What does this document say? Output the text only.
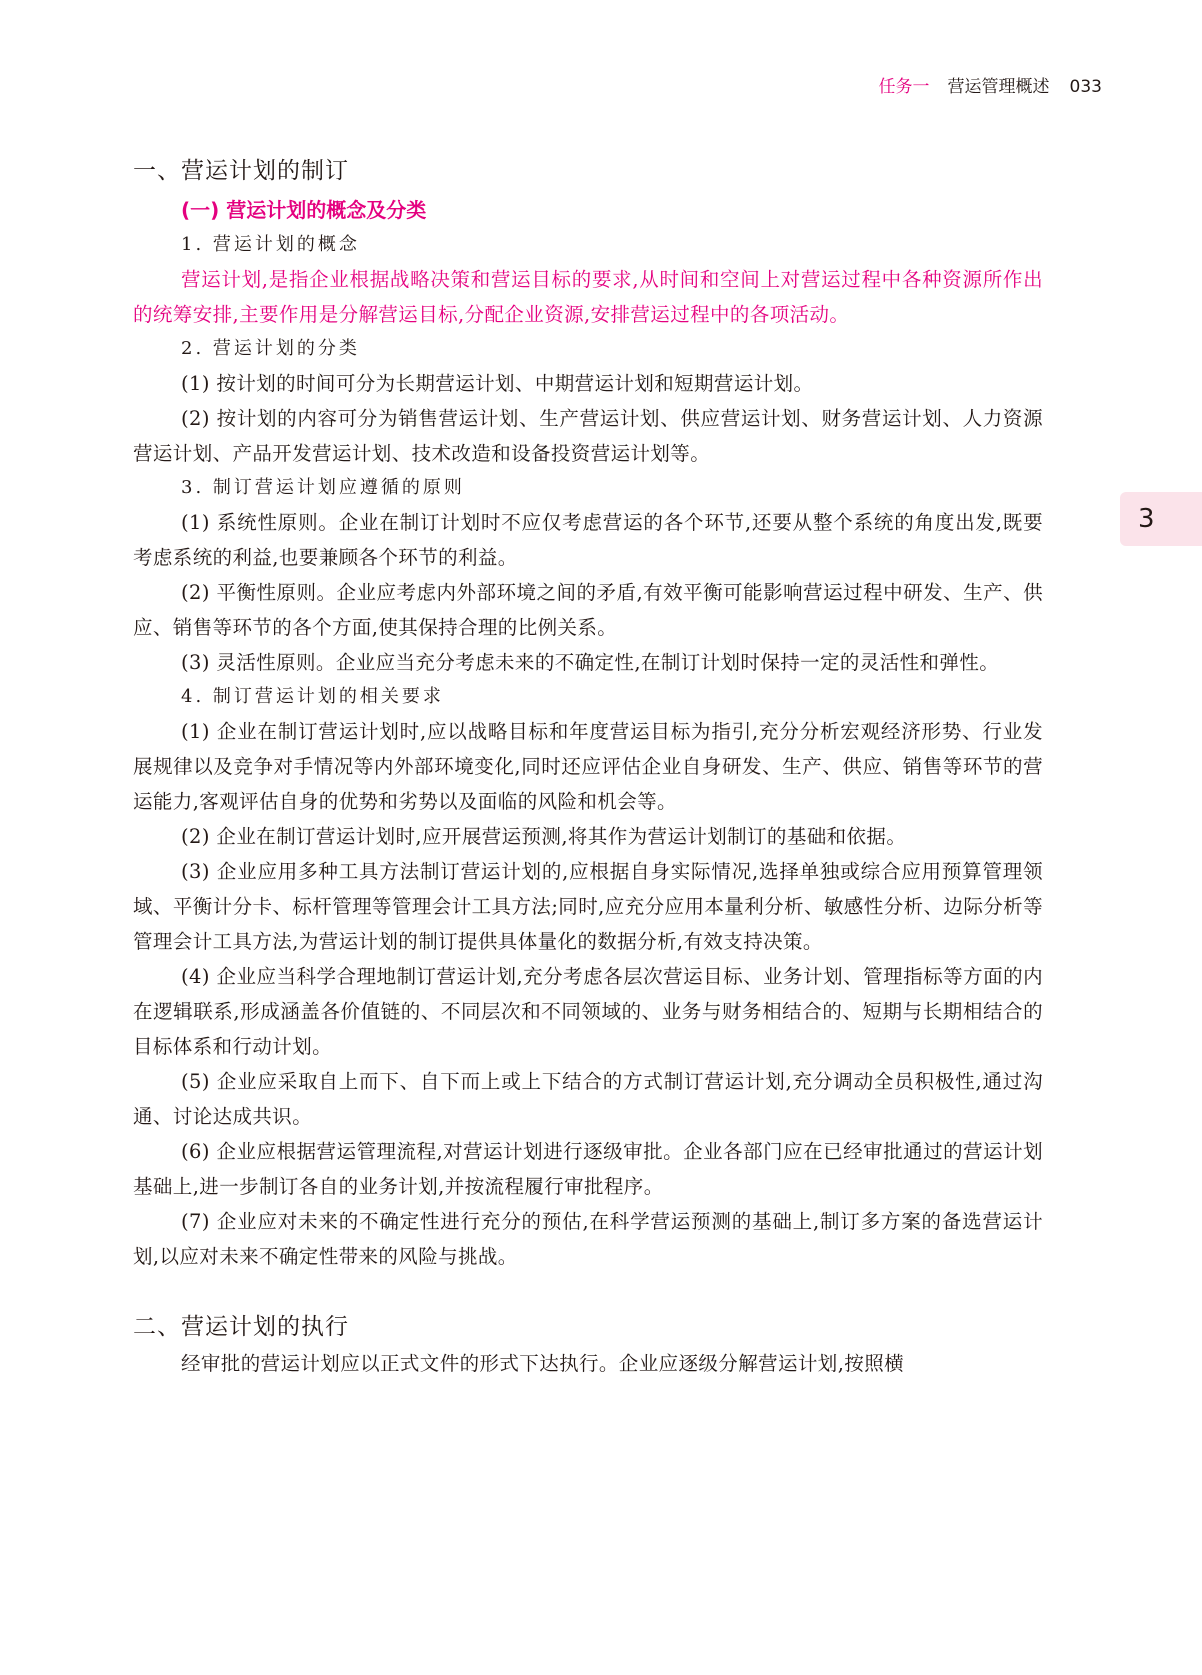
任务一 营运管理概述 033
3
一、营运计划的制订
(一) 营运计划的概念及分类
1. 营运计划的概念

营运计划,是指企业根据战略决策和营运目标的要求,从时间和空间上对营运过程中各种资源所作出的统筹安排,主要作用是分解营运目标,分配企业资源,安排营运过程中的各项活动。

2. 营运计划的分类

(1) 按计划的时间可分为长期营运计划、中期营运计划和短期营运计划。

(2) 按计划的内容可分为销售营运计划、生产营运计划、供应营运计划、财务营运计划、人力资源营运计划、产品开发营运计划、技术改造和设备投资营运计划等。

3. 制订营运计划应遵循的原则

(1) 系统性原则。企业在制订计划时不应仅考虑营运的各个环节,还要从整个系统的角度出发,既要考虑系统的利益,也要兼顾各个环节的利益。

(2) 平衡性原则。企业应考虑内外部环境之间的矛盾,有效平衡可能影响营运过程中研发、生产、供应、销售等环节的各个方面,使其保持合理的比例关系。

(3) 灵活性原则。企业应当充分考虑未来的不确定性,在制订计划时保持一定的灵活性和弹性。

4. 制订营运计划的相关要求

(1) 企业在制订营运计划时,应以战略目标和年度营运目标为指引,充分分析宏观经济形势、行业发展规律以及竞争对手情况等内外部环境变化,同时还应评估企业自身研发、生产、供应、销售等环节的营运能力,客观评估自身的优势和劣势以及面临的风险和机会等。

(2) 企业在制订营运计划时,应开展营运预测,将其作为营运计划制订的基础和依据。

(3) 企业应用多种工具方法制订营运计划的,应根据自身实际情况,选择单独或综合应用预算管理领域、平衡计分卡、标杆管理等管理会计工具方法;同时,应充分应用本量利分析、敏感性分析、边际分析等管理会计工具方法,为营运计划的制订提供具体量化的数据分析,有效支持决策。

(4) 企业应当科学合理地制订营运计划,充分考虑各层次营运目标、业务计划、管理指标等方面的内在逻辑联系,形成涵盖各价值链的、不同层次和不同领域的、业务与财务相结合的、短期与长期相结合的目标体系和行动计划。

(5) 企业应采取自上而下、自下而上或上下结合的方式制订营运计划,充分调动全员积极性,通过沟通、讨论达成共识。

(6) 企业应根据营运管理流程,对营运计划进行逐级审批。企业各部门应在已经审批通过的营运计划基础上,进一步制订各自的业务计划,并按流程履行审批程序。

(7) 企业应对未来的不确定性进行充分的预估,在科学营运预测的基础上,制订多方案的备选营运计划,以应对未来不确定性带来的风险与挑战。

二、营运计划的执行

经审批的营运计划应以正式文件的形式下达执行。企业应逐级分解营运计划,按照横
